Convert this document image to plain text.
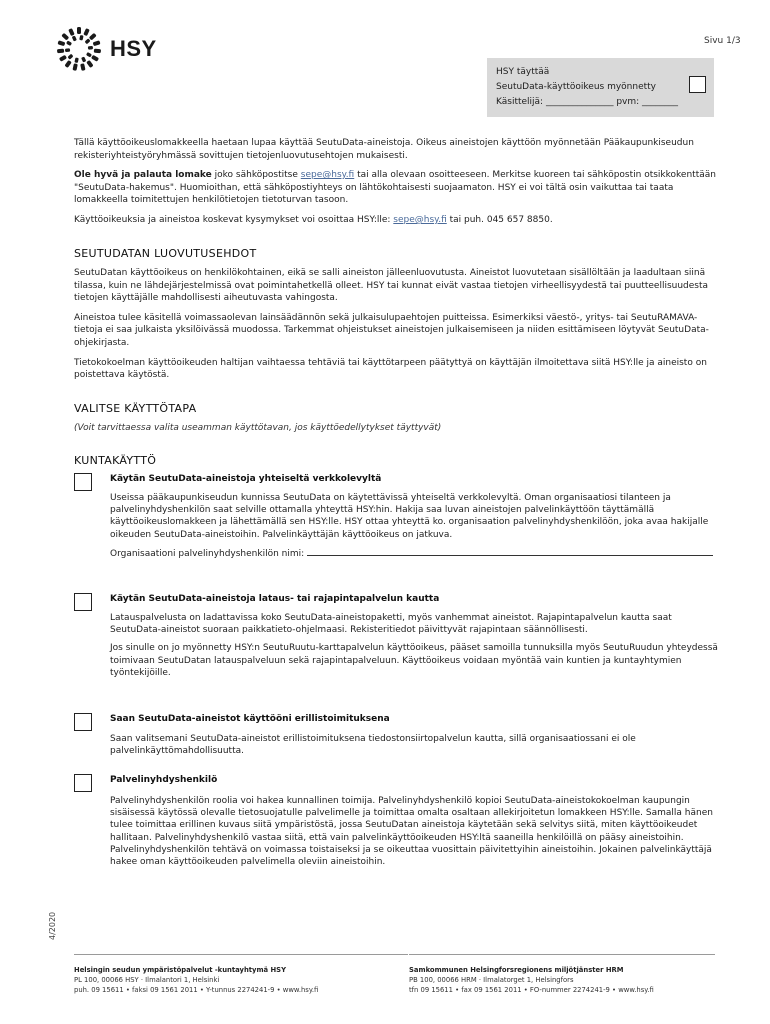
HSY	Sivu 1/3
HSY täyttää
SeutuData-käyttöoikeus myönnetty
Käsittelijä: _______________ pvm: ________

Tällä käyttöoikeuslomakkeella haetaan lupaa käyttää SeutuData-aineistoja. Oikeus aineistojen käyttöön myönnetään Pääkaupunkiseudun rekisteriyhteistyöryhmässä sovittujen tietojenluovutusehtojen mukaisesti.

Ole hyvä ja palauta lomake joko sähköpostitse sepe@hsy.fi tai alla olevaan osoitteeseen. Merkitse kuoreen tai sähköpostin otsikkokenttään "SeutuData-hakemus". Huomioithan, että sähköpostiyhteys on lähtökohtaisesti suojaamaton. HSY ei voi tältä osin vaikuttaa tai taata lomakkeella toimitettujen henkilötietojen tietoturvan tasoon.

Käyttöoikeuksia ja aineistoa koskevat kysymykset voi osoittaa HSY:lle: sepe@hsy.fi tai puh. 045 657 8850.

SEUTUDATAN LUOVUTUSEHDOT

SeutuDatan käyttöoikeus on henkilökohtainen, eikä se salli aineiston jälleenluovutusta. Aineistot luovutetaan sisällöltään ja laadultaan siinä tilassa, kuin ne lähdejärjestelmissä ovat poimintahetkellä olleet. HSY tai kunnat eivät vastaa tietojen virheellisyydestä tai puutteellisuudesta tietojen käyttäjälle mahdollisesti aiheutuvasta vahingosta.

Aineistoa tulee käsitellä voimassaolevan lainsäädännön sekä julkaisulupaehtojen puitteissa. Esimerkiksi väestö-, yritys- tai SeutuRAMAVA-tietoja ei saa julkaista yksilöivässä muodossa. Tarkemmat ohjeistukset aineistojen julkaisemiseen ja niiden esittämiseen löytyvät SeutuData-ohjekirjasta.

Tietokokoelman käyttöoikeuden haltijan vaihtaessa tehtäviä tai käyttötarpeen päätyttyä on käyttäjän ilmoitettava siitä HSY:lle ja aineisto on poistettava käytöstä.

VALITSE KÄYTTÖTAPA
(Voit tarvittaessa valita useamman käyttötavan, jos käyttöedellytykset täyttyvät)
KUNTAKÄYTTÖ
Käytän SeutuData-aineistoja yhteiseltä verkkolevyltä

Useissa pääkaupunkiseudun kunnissa SeutuData on käytettävissä yhteiseltä verkkolevyltä. Oman organisaatiosi tilanteen ja palvelinyhdyshenkilön saat selville ottamalla yhteyttä HSY:hin. Hakija saa luvan aineistojen palvelinkäyttöön täyttämällä käyttöoikeuslomakkeen ja lähettämällä sen HSY:lle. HSY ottaa yhteyttä ko. organisaation palvelinyhdyshenkilöön, joka avaa hakijalle oikeuden SeutuData-aineistoihin. Palvelinkäyttäjän käyttöoikeus on jatkuva.

Organisaationi palvelinyhdyshenkilön nimi:

Käytän SeutuData-aineistoja lataus- tai rajapintapalvelun kautta

Latauspalvelusta on ladattavissa koko SeutuData-aineistopaketti, myös vanhemmat aineistot. Rajapintapalvelun kautta saat SeutuData-aineistot suoraan paikkatieto-ohjelmaasi. Rekisteritiedot päivittyvät rajapintaan säännöllisesti.

Jos sinulle on jo myönnetty HSY:n SeutuRuutu-karttapalvelun käyttöoikeus, pääset samoilla tunnuksilla myös SeutuRuudun yhteydessä toimivaan SeutuDatan latauspalveluun sekä rajapintapalveluun. Käyttöoikeus voidaan myöntää vain kuntien ja kuntayhtymien työntekijöille.

Saan SeutuData-aineistot käyttööni erillistoimituksena

Saan valitsemani SeutuData-aineistot erillistoimituksena tiedostonsiirtopalvelun kautta, sillä organisaatiossani ei ole palvelinkäyttömahdollisuutta.

Palvelinyhdyshenkilö

Palvelinyhdyshenkilön roolia voi hakea kunnallinen toimija. Palvelinyhdyshenkilö kopioi SeutuData-aineistokokoelman kaupungin sisäisessä käytössä olevalle tietosuojatulle palvelimelle ja toimittaa omalta osaltaan allekirjoitetun lomakkeen HSY:lle. Samalla hänen tulee toimittaa erillinen kuvaus siitä ympäristöstä, jossa SeutuDatan aineistoja käytetään sekä selvitys siitä, miten käyttöoikeudet hallitaan. Palvelinyhdyshenkilö vastaa siitä, että vain palvelinkäyttöoikeuden HSY:ltä saaneilla henkilöillä on pääsy aineistoihin. Palvelinyhdyshenkilön tehtävä on voimassa toistaiseksi ja se oikeuttaa vuosittain päivitettyihin aineistoihin. Jokainen palvelinkäyttäjä hakee oman käyttöoikeuden palvelimella oleviin aineistoihin.

4/2020
Helsingin seudun ympäristöpalvelut -kuntayhtymä HSY
PL 100, 00066 HSY · Ilmalantori 1, Helsinki
puh. 09 15611 • faksi 09 1561 2011 • Y-tunnus 2274241-9 • www.hsy.fi
Samkommunen Helsingforsregionens miljötjänster HRM
PB 100, 00066 HRM · Ilmalatorget 1, Helsingfors
tfn 09 15611 • fax 09 1561 2011 • FO-nummer 2274241-9 • www.hsy.fi
